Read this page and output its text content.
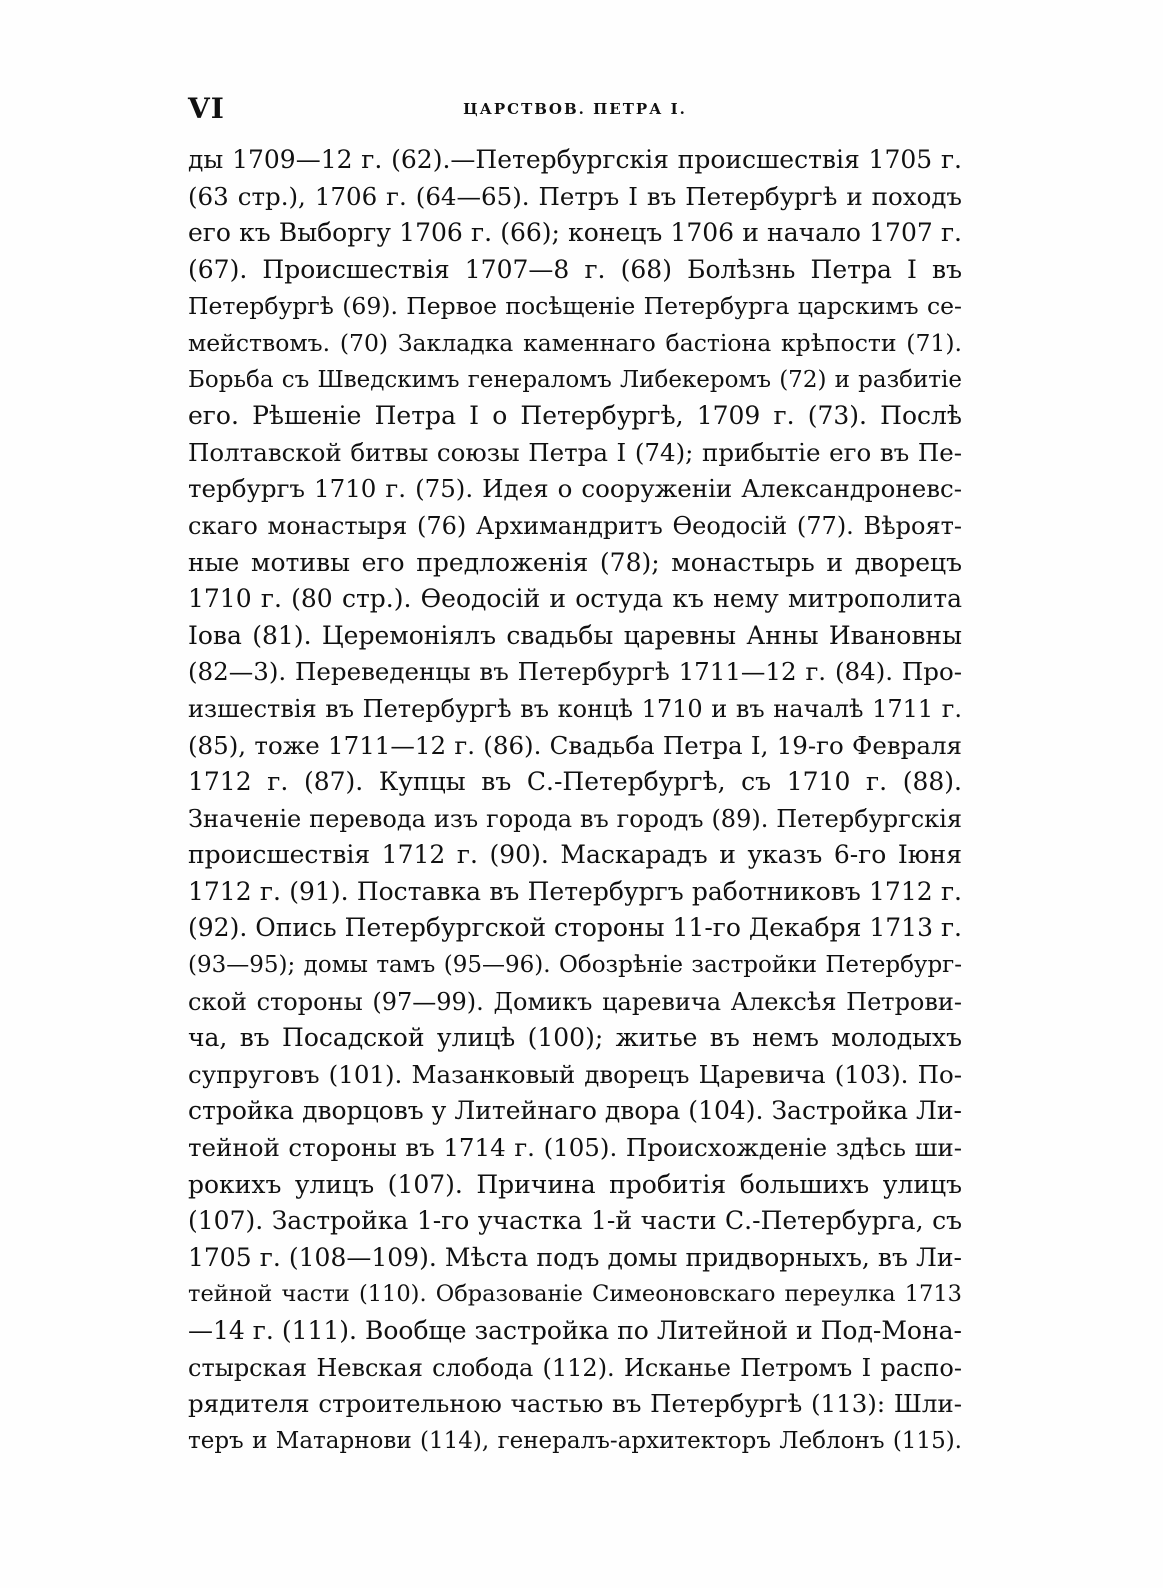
VI	ЦАРСТВОВ. ПЕТРА I.
ды 1709—12 г. (62).—Петербургскія происшествія 1705 г.
(63 стр.), 1706 г. (64—65). Петръ I въ Петербургѣ и походъ
его къ Выборгу 1706 г. (66); конецъ 1706 и начало 1707 г.
(67). Происшествія 1707—8 г. (68) Болѣзнь Петра I въ
Петербургѣ (69). Первое посѣщеніе Петербурга царскимъ се-
мействомъ. (70) Закладка каменнаго бастіона крѣпости (71).
Борьба съ Шведскимъ генераломъ Либекеромъ (72) и разбитіе
его. Рѣшеніе Петра I о Петербургѣ, 1709 г. (73). Послѣ
Полтавской битвы союзы Петра I (74); прибытіе его въ Пе-
тербургъ 1710 г. (75). Идея о сооруженіи Александроневс-
скаго монастыря (76) Архимандритъ Ѳеодосій (77). Вѣроят-
ные мотивы его предложенія (78); монастырь и дворецъ
1710 г. (80 стр.). Ѳеодосій и остуда къ нему митрополита
Іова (81). Церемоніялъ свадьбы царевны Анны Ивановны
(82—3). Переведенцы въ Петербургѣ 1711—12 г. (84). Про-
изшествія въ Петербургѣ въ концѣ 1710 и въ началѣ 1711 г.
(85), тоже 1711—12 г. (86). Свадьба Петра I, 19-го Февраля
1712 г. (87). Купцы въ С.-Петербургѣ, съ 1710 г. (88).
Значеніе перевода изъ города въ городъ (89). Петербургскія
происшествія 1712 г. (90). Маскарадъ и указъ 6-го Іюня
1712 г. (91). Поставка въ Петербургъ работниковъ 1712 г.
(92). Опись Петербургской стороны 11-го Декабря 1713 г.
(93—95); домы тамъ (95—96). Обозрѣніе застройки Петербург-
ской стороны (97—99). Домикъ царевича Алексѣя Петрови-
ча, въ Посадской улицѣ (100); житье въ немъ молодыхъ
супруговъ (101). Мазанковый дворецъ Царевича (103). По-
стройка дворцовъ у Литейнаго двора (104). Застройка Ли-
тейной стороны въ 1714 г. (105). Происхожденіе здѣсь ши-
рокихъ улицъ (107). Причина пробитія большихъ улицъ
(107). Застройка 1-го участка 1-й части С.-Петербурга, съ
1705 г. (108—109). Мѣста подъ домы придворныхъ, въ Ли-
тейной части (110). Образованіе Симеоновскаго переулка 1713
—14 г. (111). Вообще застройка по Литейной и Под-Мона-
стырская Невская слобода (112). Исканье Петромъ I распо-
рядителя строительною частью въ Петербургѣ (113): Шли-
теръ и Матарнови (114), генералъ-архитекторъ Леблонъ (115).
